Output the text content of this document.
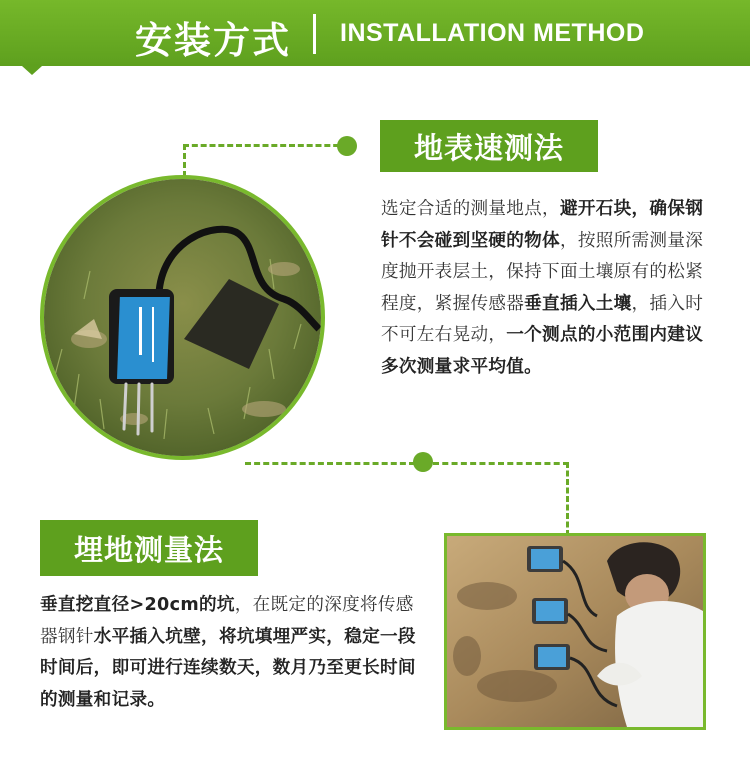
安装方式 INSTALLATION METHOD
地表速测法
选定合适的测量地点，避开石块，确保钢针不会碰到坚硬的物体，按照所需测量深度抛开表层土，保持下面土壤原有的松紧程度，紧握传感器垂直插入土壤，插入时不可左右晃动，一个测点的小范围内建议多次测量求平均值。
埋地测量法
垂直挖直径>20cm的坑，在既定的深度将传感器钢针水平插入坑壁，将坑填埋严实，稳定一段时间后，即可进行连续数天，数月乃至更长时间的测量和记录。
